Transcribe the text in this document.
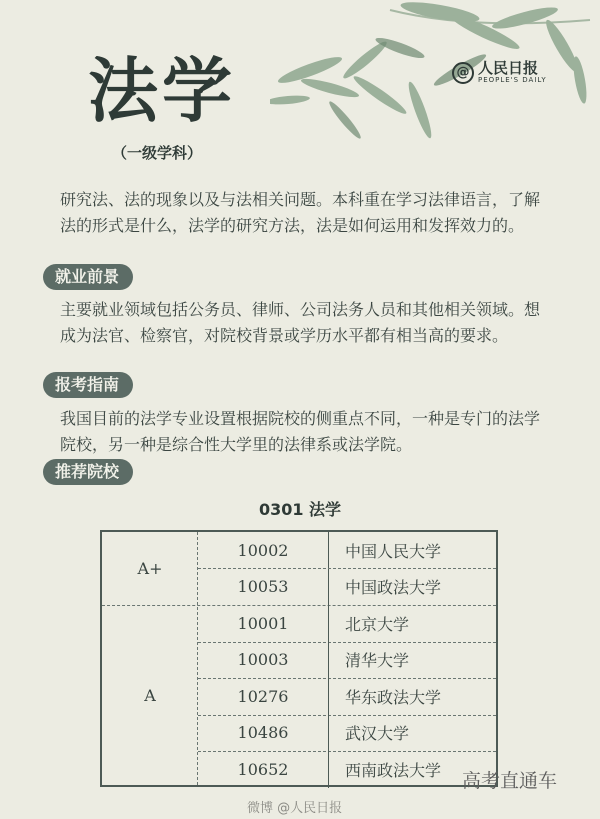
法学
（一级学科）
@ 人民日报
PEOPLE'S DAILY

研究法、法的现象以及与法相关问题。本科重在学习法律语言，了解法的形式是什么，法学的研究方法，法是如何运用和发挥效力的。

就业前景

主要就业领域包括公务员、律师、公司法务人员和其他相关领域。想成为法官、检察官，对院校背景或学历水平都有相当高的要求。

报考指南

我国目前的法学专业设置根据院校的侧重点不同，一种是专门的法学院校，另一种是综合性大学里的法律系或法学院。

推荐院校
0301 法学
A+
10002	中国人民大学
10053	中国政法大学
A
10001	北京大学
10003	清华大学
10276	华东政法大学
10486	武汉大学
10652	西南政法大学 高考直通车
微博 @人民日报
